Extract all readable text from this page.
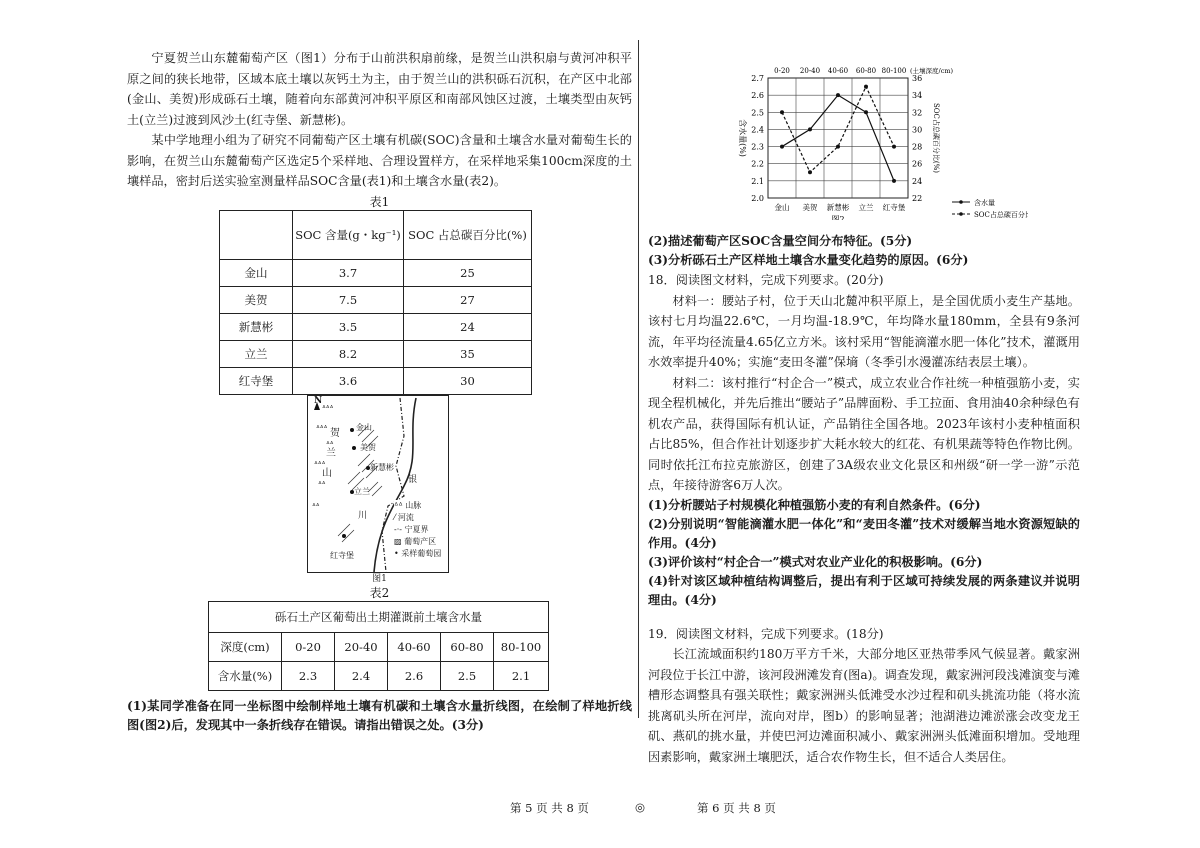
宁夏贺兰山东麓葡萄产区（图1）分布于山前洪积扇前缘，是贺兰山洪积扇与黄河冲积平原之间的狭长地带，区域本底土壤以灰钙土为主，由于贺兰山的洪积砾石沉积，在产区中北部(金山、美贺)形成砾石土壤，随着向东部黄河冲积平原区和南部风蚀区过渡，土壤类型由灰钙土(立兰)过渡到风沙土(红寺堡、新慧彬)。

某中学地理小组为了研究不同葡萄产区土壤有机碳(SOC)含量和土壤含水量对葡萄生长的影响，在贺兰山东麓葡萄产区选定5个采样地、合理设置样方，在采样地采集100cm深度的土壤样品，密封后送实验室测量样品SOC含量(表1)和土壤含水量(表2)。

表1
	SOC 含量(g・kg⁻¹)	SOC 占总碳百分比(%)
金山	3.7	25
美贺	7.5	27
新慧彬	3.5	24
立兰	8.2	35
红寺堡	3.6	30
ᐞᐞᐞ
ᐞᐞᐞ
ᐞᐞ
ᐞᐞᐞ
ᐞᐞ
ᐞᐞ
N
贺
兰
山
金山
美贺
新慧彬
立兰
银
川
红寺堡
ᐞᐞ 山脉
⁄ 河流
-·- 宁夏界
▨ 葡萄产区
• 采样葡萄园
图1
表2
砾石土产区葡萄出土期灌溉前土壤含水量					
深度(cm)	0-20	20-40	40-60	60-80	80-100
含水量(%)	2.3	2.4	2.6	2.5	2.1

(1)某同学准备在同一坐标图中绘制样地土壤有机碳和土壤含水量折线图，在绘制了样地折线图(图2)后，发现其中一条折线存在错误。请指出错误之处。(3分)

2.0
2.1
2.2
2.3
2.4
2.5
2.6
2.7
22
24
26
28
30
32
34
36
金山 美贺 新慧彬 立兰 红寺堡
0-20 20-40 40-60 60-80 80-100 (土壤深度/cm)
含水量(%)	SOC占总碳百分比(%)
图2
含水量
SOC占总碳百分比

(2)描述葡萄产区SOC含量空间分布特征。(5分)

(3)分析砾石土产区样地土壤含水量变化趋势的原因。(6分)

18．阅读图文材料，完成下列要求。(20分)

材料一：腰站子村，位于天山北麓冲积平原上，是全国优质小麦生产基地。该村七月均温22.6℃，一月均温-18.9℃，年均降水量180mm，全县有9条河流，年平均径流量4.65亿立方米。该村采用“智能滴灌水肥一体化”技术，灌溉用水效率提升40%；实施“麦田冬灌”保墒（冬季引水漫灌冻结表层土壤）。

材料二：该村推行“村企合一”模式，成立农业合作社统一种植强筋小麦，实现全程机械化，并先后推出“腰站子”品牌面粉、手工拉面、食用油40余种绿色有机农产品，获得国际有机认证，产品销往全国各地。2023年该村小麦种植面积占比85%，但合作社计划逐步扩大耗水较大的红花、有机果蔬等特色作物比例。同时依托江布拉克旅游区，创建了3A级农业文化景区和州级“研一学一游”示范点，年接待游客6万人次。

(1)分析腰站子村规模化种植强筋小麦的有利自然条件。(6分)

(2)分别说明“智能滴灌水肥一体化”和“麦田冬灌”技术对缓解当地水资源短缺的作用。(4分)

(3)评价该村“村企合一”模式对农业产业化的积极影响。(6分)

(4)针对该区域种植结构调整后，提出有利于区域可持续发展的两条建议并说明理由。(4分)

19．阅读图文材料，完成下列要求。(18分)

长江流域面积约180万平方千米，大部分地区亚热带季风气候显著。戴家洲河段位于长江中游，该河段洲滩发育(图a)。调查发现，戴家洲河段浅滩演变与滩槽形态调整具有强关联性；戴家洲洲头低滩受水沙过程和矶头挑流功能（将水流挑离矶头所在河岸，流向对岸，图b）的影响显著；池湖港边滩淤涨会改变龙王矶、燕矶的挑水量，并使巴河边滩面积减小、戴家洲洲头低滩面积增加。受地理因素影响，戴家洲土壤肥沃，适合农作物生长，但不适合人类居住。

第 5 页 共 8 页	◎	第 6 页 共 8 页
